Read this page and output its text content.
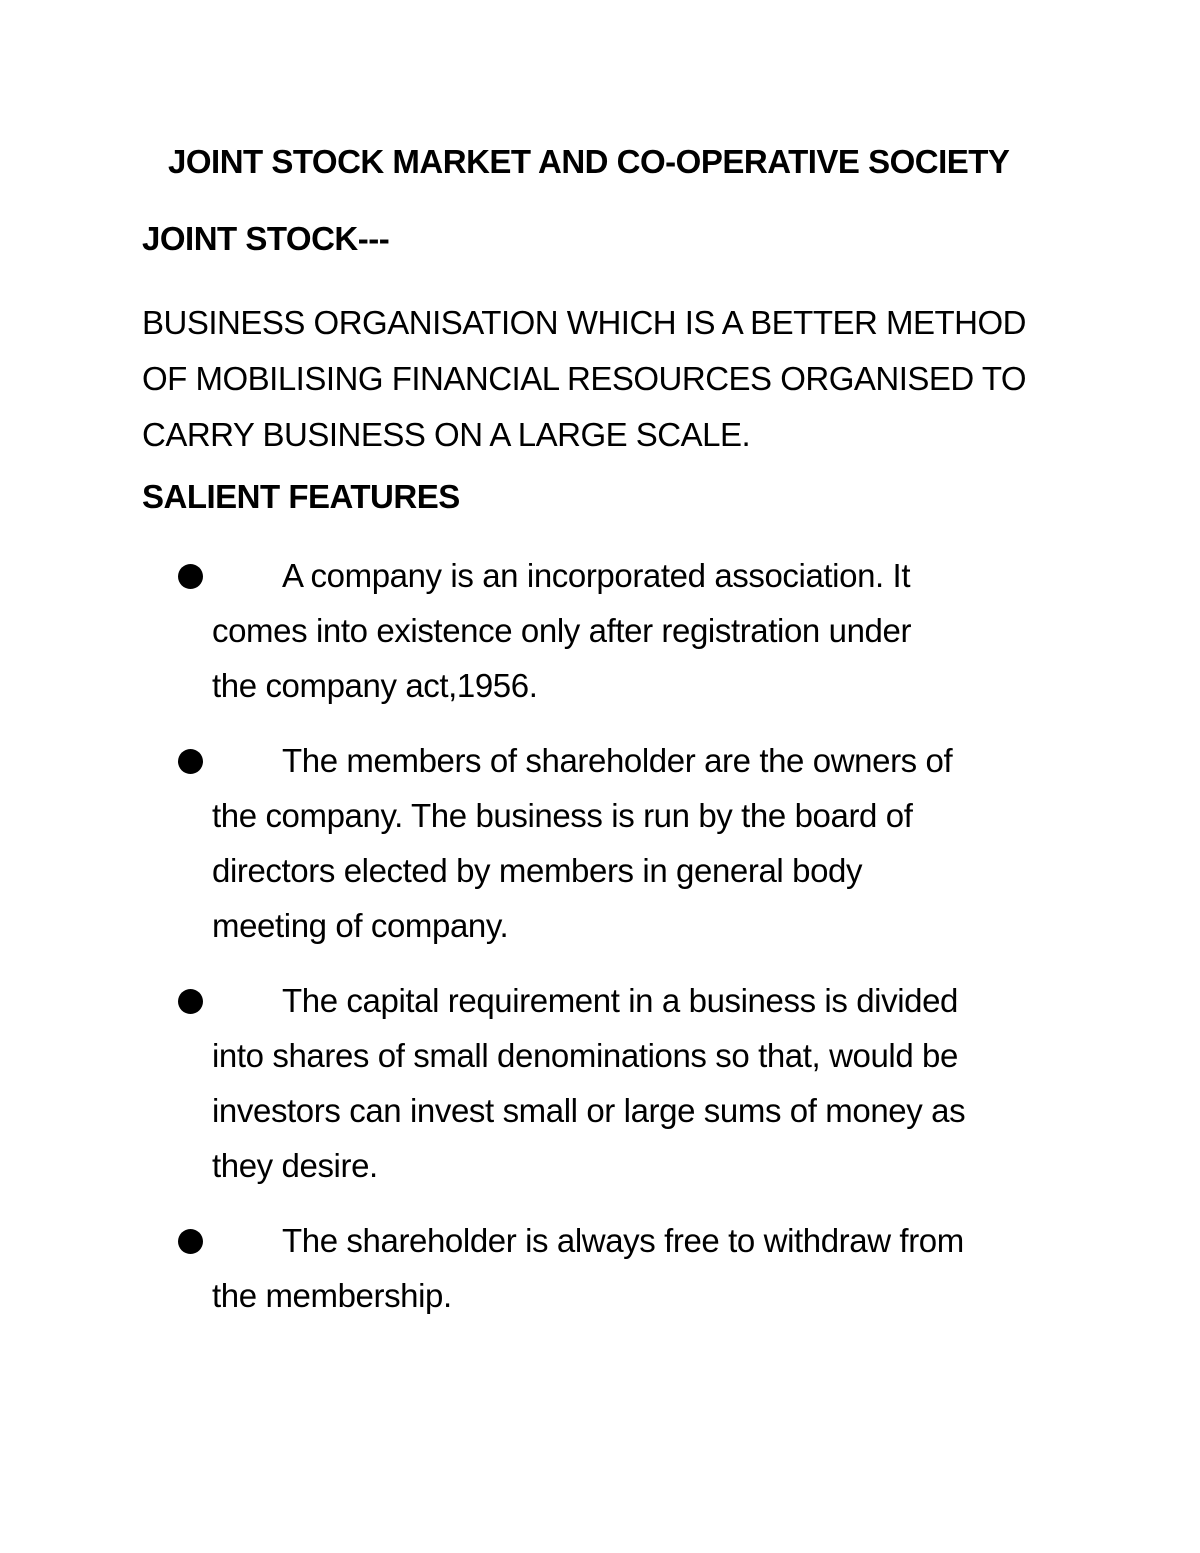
JOINT STOCK MARKET AND CO-OPERATIVE SOCIETY
JOINT STOCK---

BUSINESS ORGANISATION WHICH IS A BETTER METHOD
OF MOBILISING FINANCIAL RESOURCES ORGANISED TO
CARRY BUSINESS ON A LARGE SCALE.

SALIENT FEATURES
A company is an incorporated association. It
comes into existence only after registration under
the company act,1956.
The members of shareholder are the owners of
the company. The business is run by the board of
directors elected by members in general body
meeting of company.
The capital requirement in a business is divided
into shares of small denominations so that, would be
investors can invest small or large sums of money as
they desire.
The shareholder is always free to withdraw from
the membership.
